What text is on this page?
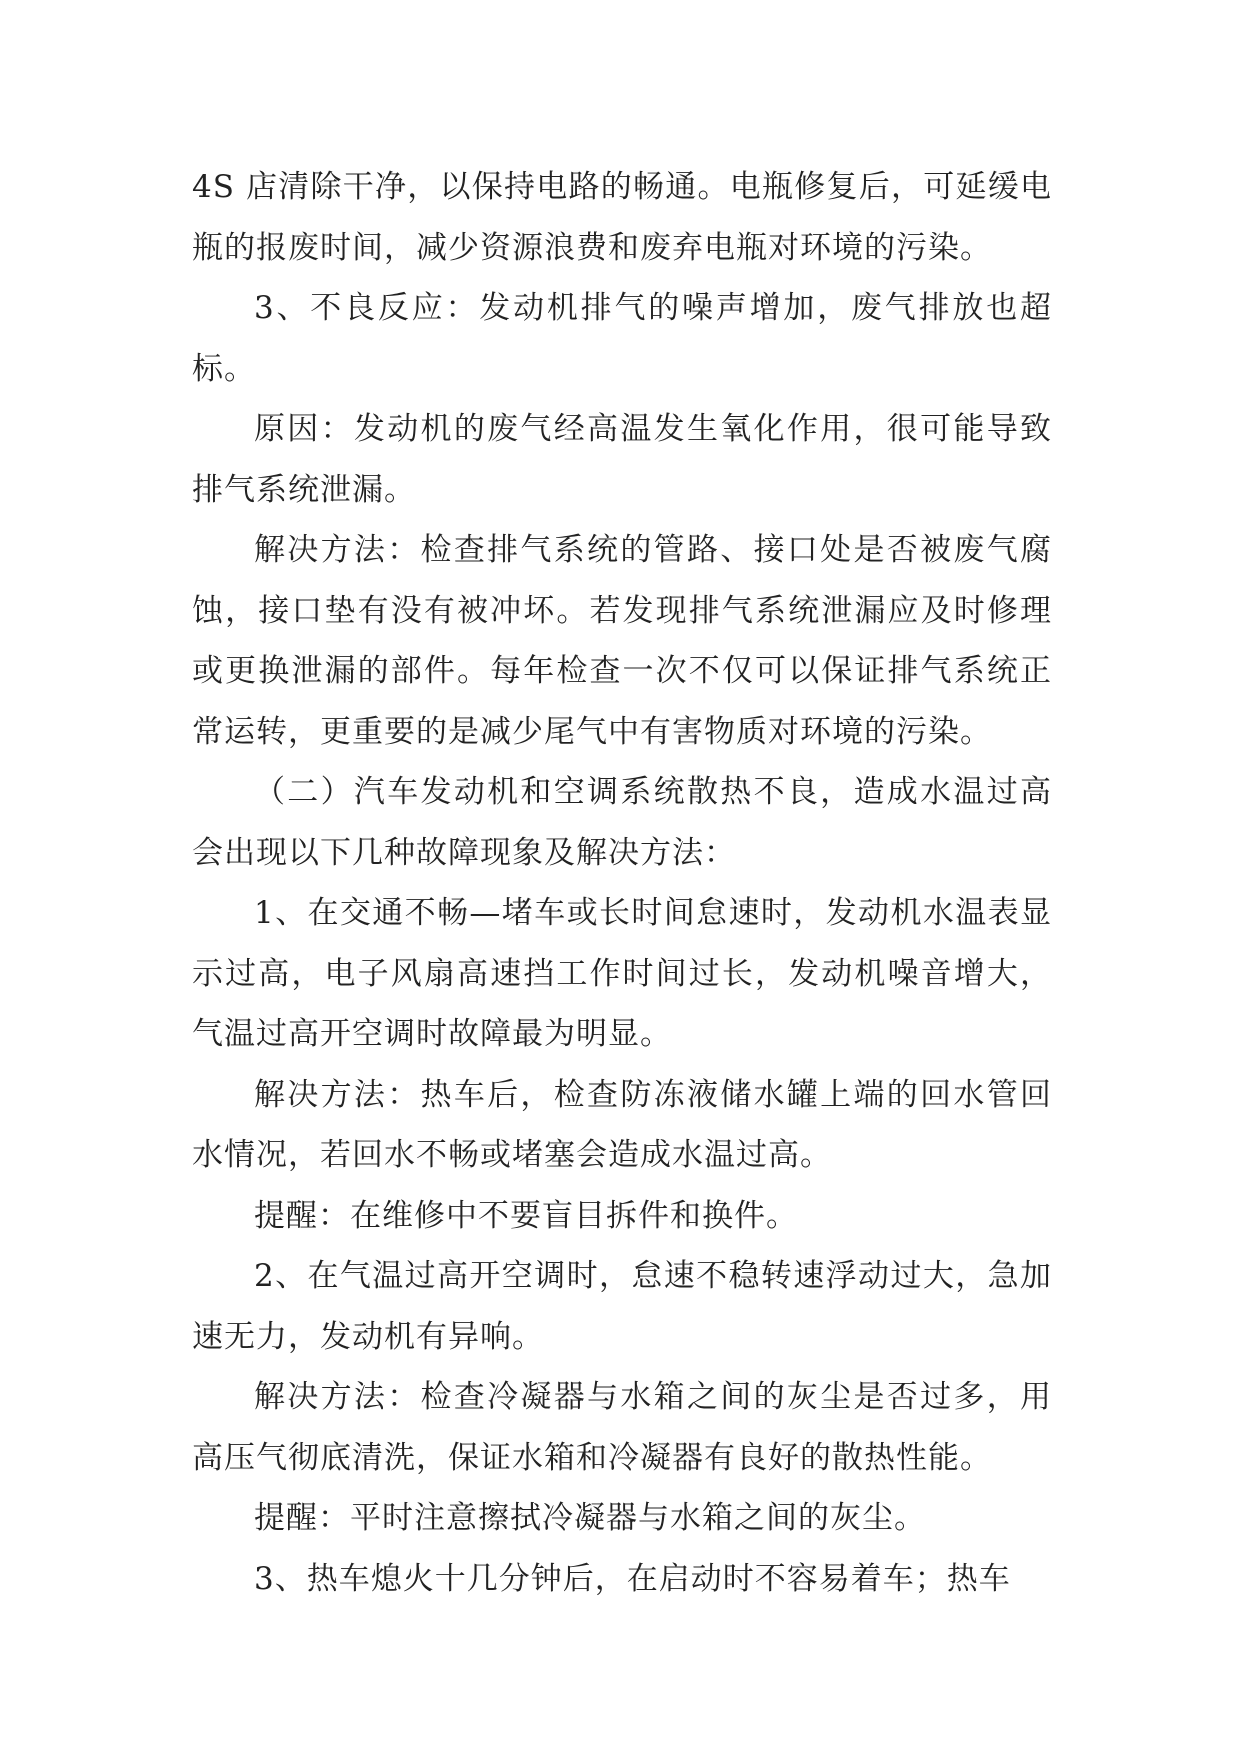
4S 店清除干净，以保持电路的畅通。电瓶修复后，可延缓电瓶的报废时间，减少资源浪费和废弃电瓶对环境的污染。

3、不良反应：发动机排气的噪声增加，废气排放也超标。

原因：发动机的废气经高温发生氧化作用，很可能导致排气系统泄漏。

解决方法：检查排气系统的管路、接口处是否被废气腐蚀，接口垫有没有被冲坏。若发现排气系统泄漏应及时修理或更换泄漏的部件。每年检查一次不仅可以保证排气系统正常运转，更重要的是减少尾气中有害物质对环境的污染。

（二）汽车发动机和空调系统散热不良，造成水温过高会出现以下几种故障现象及解决方法：

1、在交通不畅—堵车或长时间怠速时，发动机水温表显示过高，电子风扇高速挡工作时间过长，发动机噪音增大，气温过高开空调时故障最为明显。

解决方法：热车后，检查防冻液储水罐上端的回水管回水情况，若回水不畅或堵塞会造成水温过高。

提醒：在维修中不要盲目拆件和换件。

2、在气温过高开空调时，怠速不稳转速浮动过大，急加速无力，发动机有异响。

解决方法：检查冷凝器与水箱之间的灰尘是否过多，用高压气彻底清洗，保证水箱和冷凝器有良好的散热性能。

提醒：平时注意擦拭冷凝器与水箱之间的灰尘。

3、热车熄火十几分钟后，在启动时不容易着车；热车
